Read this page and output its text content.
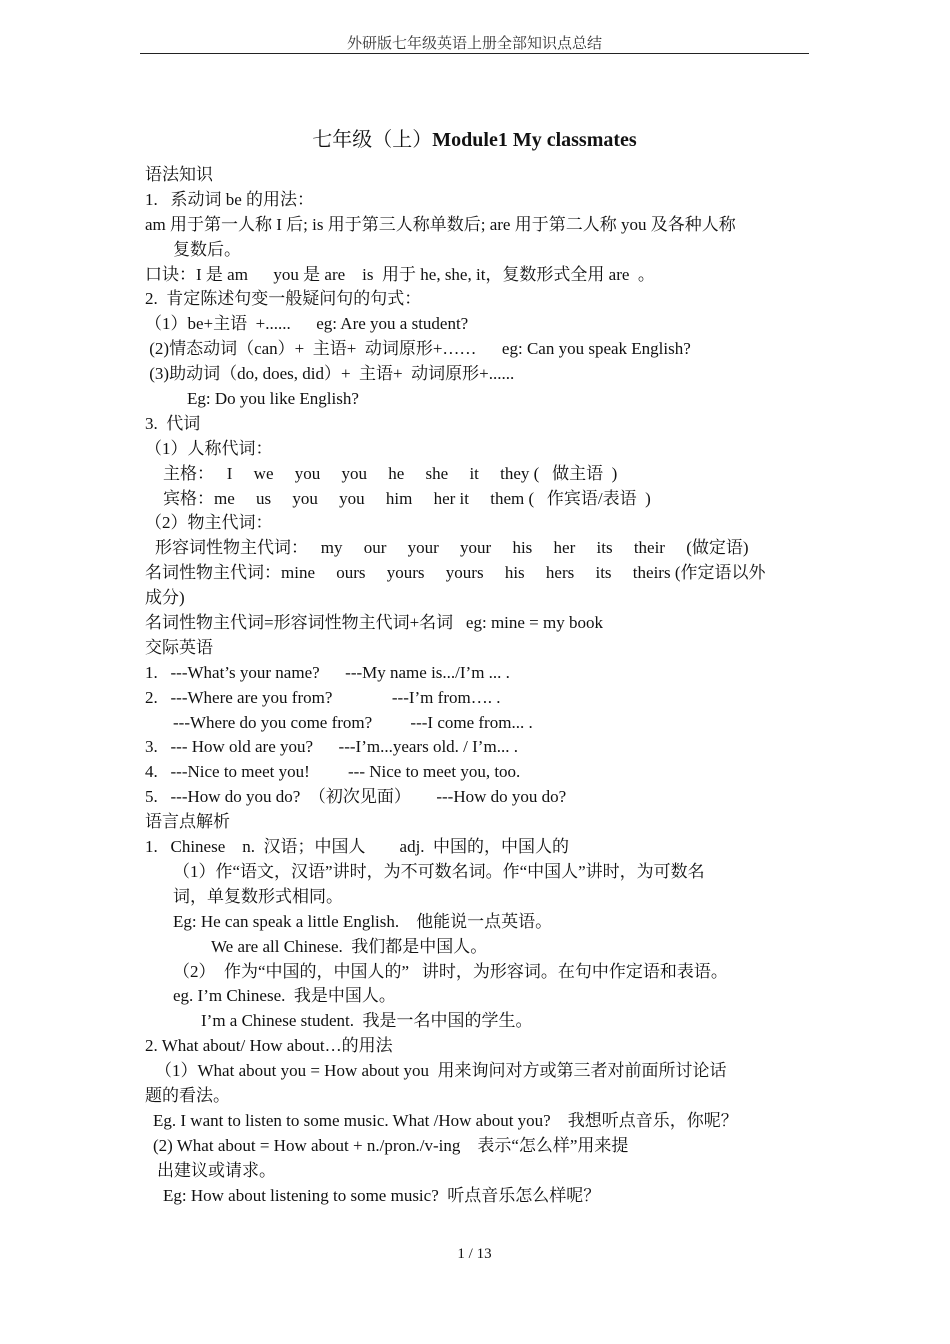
外研版七年级英语上册全部知识点总结
七年级（上）Module1 My classmates
语法知识
1.   系动词 be 的用法：
am 用于第一人称 I 后; is 用于第三人称单数后; are 用于第二人称 you 及各种人称
复数后。
口诀：I 是 am      you 是 are    is  用于 he, she, it，复数形式全用 are  。
2.  肯定陈述句变一般疑问句的句式：
（1）be+主语  +......      eg: Are you a student?
(2)情态动词（can）+  主语+  动词原形+……      eg: Can you speak English?
(3)助动词（do, does, did）+  主语+  动词原形+......
Eg: Do you like English?
3.  代词
（1）人称代词：
主格：   I     we     you     you     he     she     it     they (   做主语  )
宾格：me     us     you     you     him     her it     them (   作宾语/表语  )
（2）物主代词：
形容词性物主代词：   my     our     your     your     his     her     its     their     (做定语)
名词性物主代词：mine     ours     yours     yours     his     hers     its     theirs (作定语以外
成分)
名词性物主代词=形容词性物主代词+名词   eg: mine = my book
交际英语
1.   ---What’s your name?      ---My name is.../I’m ... .
2.   ---Where are you from?              ---I’m from…. .
---Where do you come from?         ---I come from... .
3.   --- How old are you?      ---I’m...years old. / I’m... .
4.   ---Nice to meet you!         --- Nice to meet you, too.
5.   ---How do you do?  （初次见面）      ---How do you do?
语言点解析
1.   Chinese    n.  汉语；中国人        adj.  中国的，中国人的
（1）作“语文，汉语”讲时，为不可数名词。作“中国人”讲时，为可数名
词，单复数形式相同。
Eg: He can speak a little English.    他能说一点英语。
We are all Chinese.  我们都是中国人。
（2）  作为“中国的，中国人的”   讲时，为形容词。在句中作定语和表语。
eg. I’m Chinese.  我是中国人。
I’m a Chinese student.  我是一名中国的学生。
2. What about/ How about…的用法
（1）What about you = How about you  用来询问对方或第三者对前面所讨论话
题的看法。
Eg. I want to listen to some music. What /How about you?    我想听点音乐，你呢？
(2) What about = How about + n./pron./v-ing    表示“怎么样”用来提
出建议或请求。
Eg: How about listening to some music?  听点音乐怎么样呢？
1 / 13
